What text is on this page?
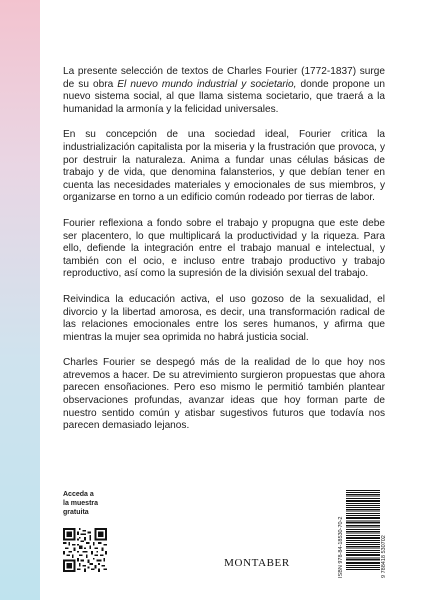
La presente selección de textos de Charles Fourier (1772-1837) surge de su obra El nuevo mundo industrial y societario, donde propone un nuevo sistema social, al que llama sistema societario, que traerá a la humanidad la armonía y la felicidad universales.

En su concepción de una sociedad ideal, Fourier critica la industrialización capitalista por la miseria y la frustración que provoca, y por destruir la naturaleza. Anima a fundar unas células básicas de trabajo y de vida, que denomina falansterios, y que debían tener en cuenta las necesidades materiales y emocionales de sus miembros, y organizarse en torno a un edificio común rodeado por tierras de labor.

Fourier reflexiona a fondo sobre el trabajo y propugna que este debe ser placentero, lo que multiplicará la productividad y la riqueza. Para ello, defiende la integración entre el trabajo manual e intelectual, y también con el ocio, e incluso entre trabajo productivo y trabajo reproductivo, así como la supresión de la división sexual del trabajo.

Reivindica la educación activa, el uso gozoso de la sexualidad, el divorcio y la libertad amorosa, es decir, una transformación radical de las relaciones emocionales entre los seres humanos, y afirma que mientras la mujer sea oprimida no habrá justicia social.

Charles Fourier se despegó más de la realidad de lo que hoy nos atrevemos a hacer. De su atrevimiento surgieron propuestas que ahora parecen ensoñaciones. Pero eso mismo le permitió también plantear observaciones profundas, avanzar ideas que hoy forman parte de nuestro sentido común y atisbar sugestivos futuros que todavía nos parecen demasiado lejanos.

Acceda a
la muestra
gratuita
MONTABER	ISBN 978-84-18530-70-2	9 788418 530702
